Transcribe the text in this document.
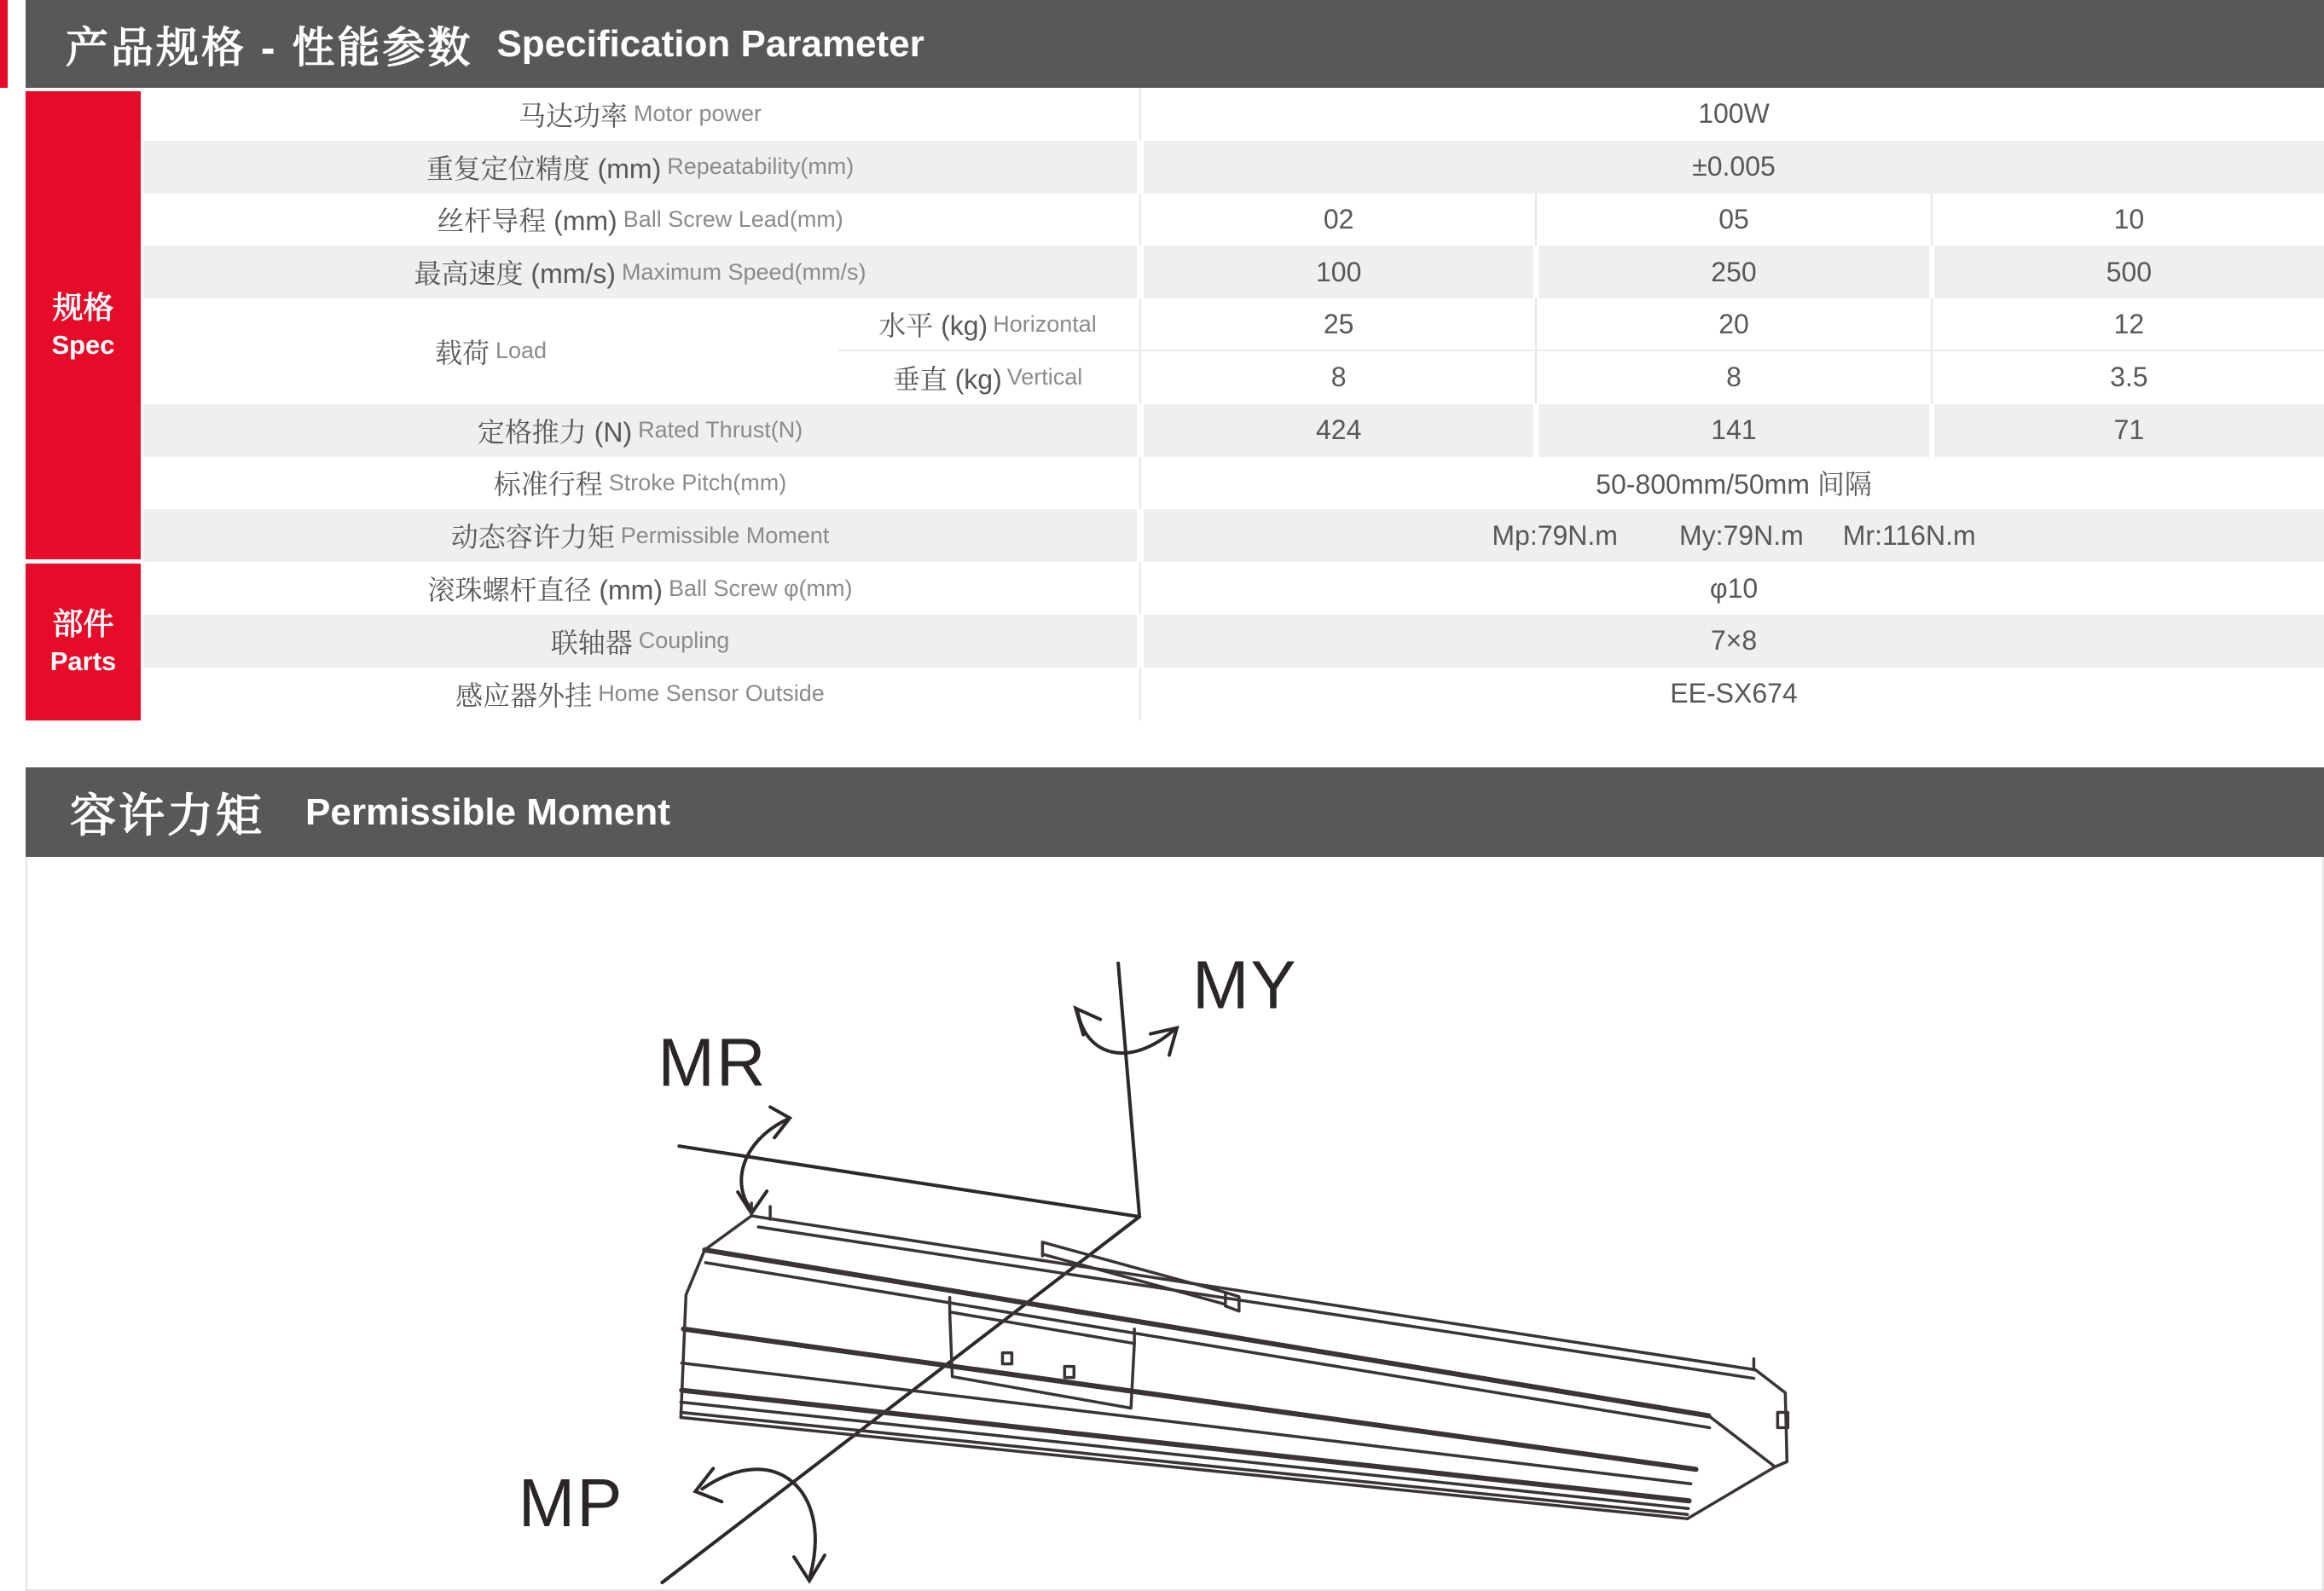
产品规格 - 性能参数 Specification Parameter
规格
Spec
部件
Parts
马达功率 Motor power	100W
重复定位精度 (mm) Repeatability(mm)	±0.005
丝杆导程 (mm) Ball Screw Lead(mm)	02	05	10
最高速度 (mm/s) Maximum Speed(mm/s)	100	250	500
载荷 Load
水平 (kg) Horizontal	25	20	12
垂直 (kg) Vertical	8	8	3.5
定格推力 (N) Rated Thrust(N)	424	141	71
标准行程 Stroke Pitch(mm)	50-800mm/50mm 间隔
动态容许力矩 Permissible Moment	Mp:79N.m My:79N.m Mr:116N.m
滚珠螺杆直径 (mm) Ball Screw φ(mm)	φ10
联轴器 Coupling	7×8
感应器外挂 Home Sensor Outside	EE-SX674
容许力矩 Permissible Moment
MY
MR
MP
